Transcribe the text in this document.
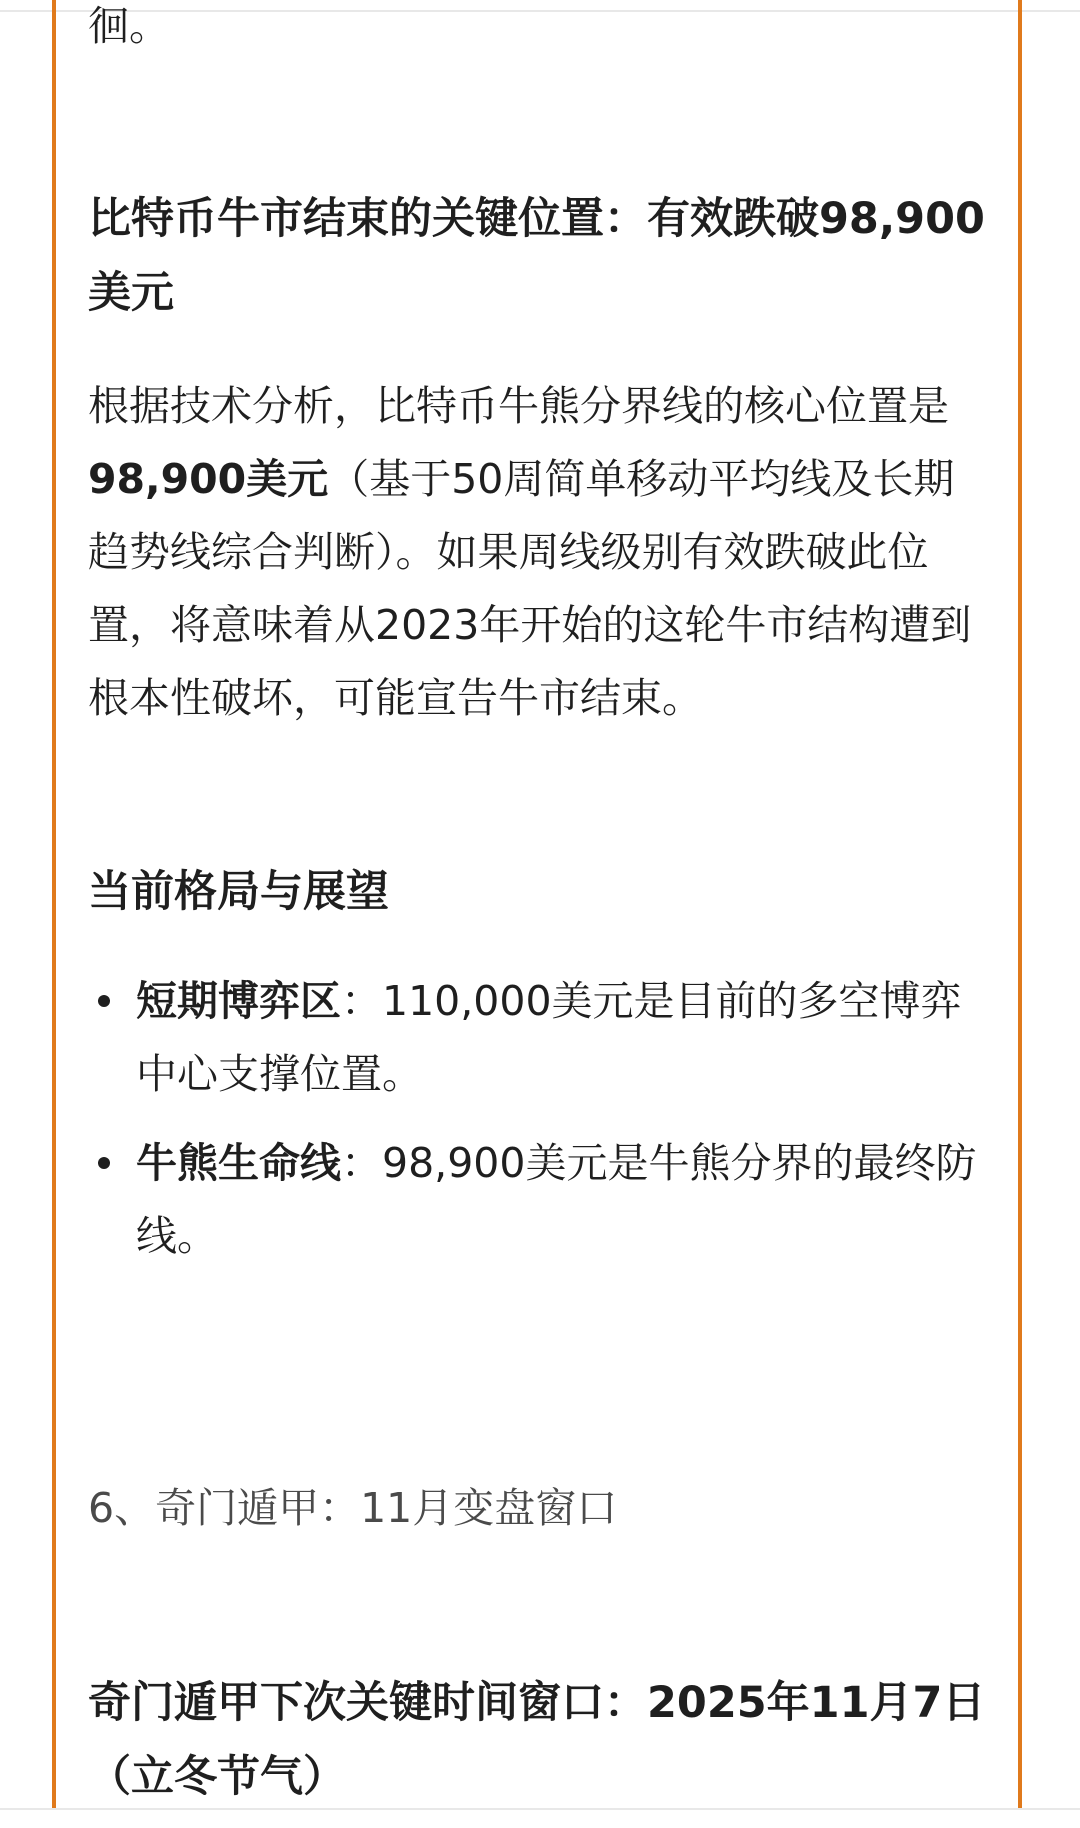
徊。
比特币牛市结束的关键位置：有效跌破98,900美元

根据技术分析，比特币牛熊分界线的核心位置是 98,900美元（基于50周简单移动平均线及长期趋势线综合判断）。如果周线级别有效跌破此位置，将意味着从2023年开始的这轮牛市结构遭到根本性破坏，可能宣告牛市结束。

当前格局与展望
短期博弈区：110,000美元是目前的多空博弈中心支撑位置。
牛熊生命线：98,900美元是牛熊分界的最终防线。
6、奇门遁甲：11月变盘窗口
奇门遁甲下次关键时间窗口：2025年11月7日（立冬节气）
